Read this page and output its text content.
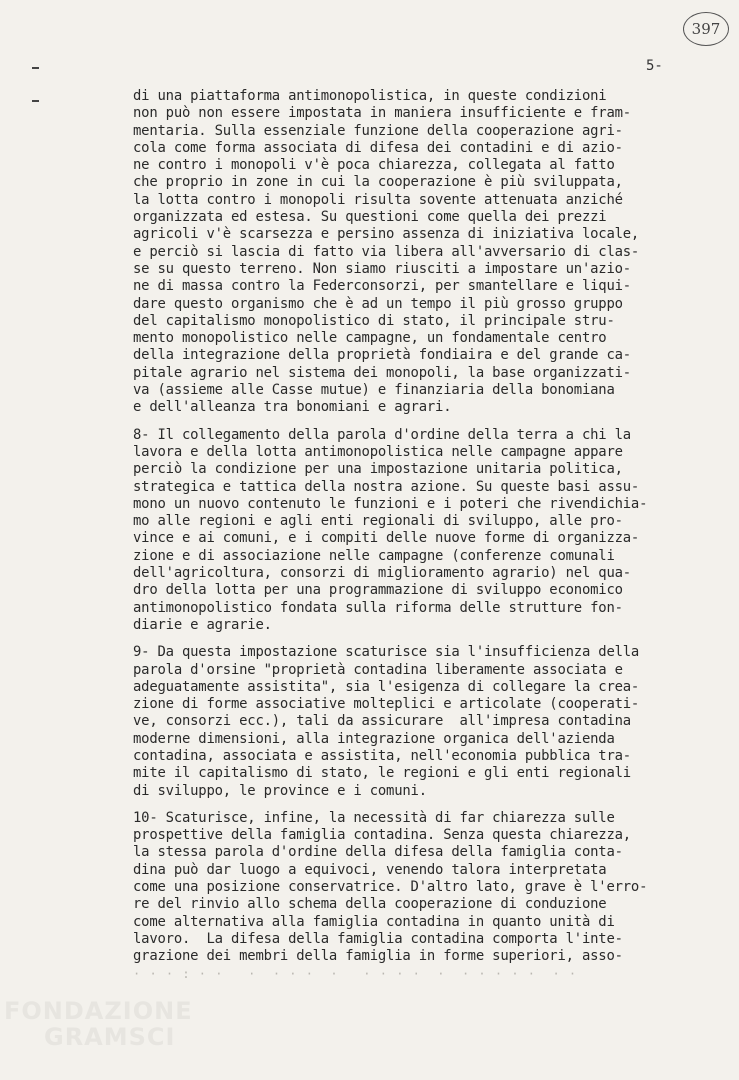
397
5-
di una piattaforma antimonopolistica, in queste condizioni
non può non essere impostata in maniera insufficiente e fram-
mentaria. Sulla essenziale funzione della cooperazione agri-
cola come forma associata di difesa dei contadini e di azio-
ne contro i monopoli v'è poca chiarezza, collegata al fatto
che proprio in zone in cui la cooperazione è più sviluppata,
la lotta contro i monopoli risulta sovente attenuata anziché
organizzata ed estesa. Su questioni come quella dei prezzi
agricoli v'è scarsezza e persino assenza di iniziativa locale,
e perciò si lascia di fatto via libera all'avversario di clas-
se su questo terreno. Non siamo riusciti a impostare un'azio-
ne di massa contro la Federconsorzi, per smantellare e liqui-
dare questo organismo che è ad un tempo il più grosso gruppo
del capitalismo monopolistico di stato, il principale stru-
mento monopolistico nelle campagne, un fondamentale centro
della integrazione della proprietà fondiaira e del grande ca-
pitale agrario nel sistema dei monopoli, la base organizzati-
va (assieme alle Casse mutue) e finanziaria della bonomiana
e dell'alleanza tra bonomiani e agrari.
8- Il collegamento della parola d'ordine della terra a chi la
lavora e della lotta antimonopolistica nelle campagne appare
perciò la condizione per una impostazione unitaria politica,
strategica e tattica della nostra azione. Su queste basi assu-
mono un nuovo contenuto le funzioni e i poteri che rivendichia-
mo alle regioni e agli enti regionali di sviluppo, alle pro-
vince e ai comuni, e i compiti delle nuove forme di organizza-
zione e di associazione nelle campagne (conferenze comunali
dell'agricoltura, consorzi di miglioramento agrario) nel qua-
dro della lotta per una programmazione di sviluppo economico
antimonopolistico fondata sulla riforma delle strutture fon-
diarie e agrarie.
9- Da questa impostazione scaturisce sia l'insufficienza della
parola d'orsine "proprietà contadina liberamente associata e
adeguatamente assistita", sia l'esigenza di collegare la crea-
zione di forme associative molteplici e articolate (cooperati-
ve, consorzi ecc.), tali da assicurare  all'impresa contadina
moderne dimensioni, alla integrazione organica dell'azienda
contadina, associata e assistita, nell'economia pubblica tra-
mite il capitalismo di stato, le regioni e gli enti regionali
di sviluppo, le province e i comuni.
10- Scaturisce, infine, la necessità di far chiarezza sulle
prospettive della famiglia contadina. Senza questa chiarezza,
la stessa parola d'ordine della difesa della famiglia conta-
dina può dar luogo a equivoci, venendo talora interpretata
come una posizione conservatrice. D'altro lato, grave è l'erro-
re del rinvio allo schema della cooperazione di conduzione
come alternativa alla famiglia contadina in quanto unità di
lavoro.  La difesa della famiglia contadina comporta l'inte-
grazione dei membri della famiglia in forme superiori, asso-
· · · : · ·   ·  · · ·  ·   · · · ·  ·  · · · · ·  · ·
FONDAZIONE
GRAMSCI
